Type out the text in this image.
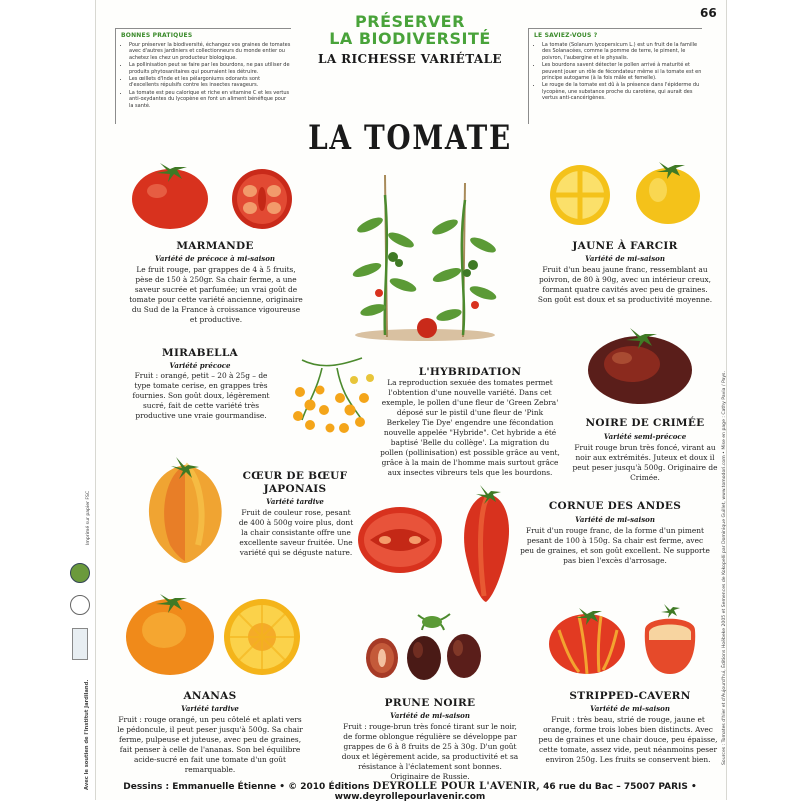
Avec le soutien de l'Institut Jardiland.
Imprimé sur papier FSC	Sources : Tomates d'hier et d'Aujourd'hui, Éditions Hoëbeke 2005 et Semences de Kokopelli par Dominique Guillet, www.tomodori.com • Mise en page : Cathy Pavia / Pays.
66
PRÉSERVER
LA BIODIVERSITÉ
LA RICHESSE VARIÉTALE
BONNES PRATIQUES
• Pour préserver la biodiversité, échangez vos graines de tomates avec d'autres jardiniers et collectionneurs du monde entier ou achetez les chez un producteur biologique.
• La pollinisation peut se faire par les bourdons, ne pas utiliser de produits phytosanitaires qui pourraient les détruire.
• Les œillets d'Inde et les pélargoniums odorants sont d'excellents répulsifs contre les insectes ravageurs.
• La tomate est peu calorique et riche en vitamine C et les vertus anti-oxydantes du lycopène en font un aliment bénéfique pour la santé.
LE SAVIEZ-VOUS ?
• La tomate (Solanum lycopersicum L.) est un fruit de la famille des Solanacées, comme la pomme de terre, le piment, le poivron, l'aubergine et le physalis.
• Les bourdons savent détecter le pollen arrivé à maturité et peuvent jouer un rôle de fécondateur même si la tomate est en principe autogame (à la fois mâle et femelle).
• Le rouge de la tomate est dû à la présence dans l'épiderme du lycopène, une substance proche du carotène, qui aurait des vertus anti-cancérigènes.
LA TOMATE
MARMANDE
Variété de précoce à mi-saison
Le fruit rouge, par grappes de 4 à 5 fruits, pèse de 150 à 250gr. Sa chair ferme, a une saveur sucrée et parfumée; un vrai goût de tomate pour cette variété ancienne, originaire du Sud de la France à croissance vigoureuse et productive.
JAUNE À FARCIR
Variété de mi-saison
Fruit d'un beau jaune franc, ressemblant au poivron, de 80 à 90g, avec un intérieur creux, formant quatre cavités avec peu de graines. Son goût est doux et sa productivité moyenne.
MIRABELLA
Variété précoce
Fruit : orangé, petit – 20 à 25g – de type tomate cerise, en grappes très fournies. Son goût doux, légèrement sucré, fait de cette variété très productive une vraie gourmandise.
L'HYBRIDATION
La reproduction sexuée des tomates permet l'obtention d'une nouvelle variété. Dans cet exemple, le pollen d'une fleur de 'Green Zebra' déposé sur le pistil d'une fleur de 'Pink Berkeley Tie Dye' engendre une fécondation nouvelle appelée "Hybride". Cet hybride a été baptisé 'Belle du collège'. La migration du pollen (pollinisation) est possible grâce au vent, grâce à la main de l'homme mais surtout grâce aux insectes vibreurs tels que les bourdons.
NOIRE DE CRIMÉE
Variété semi-précoce
Fruit rouge brun très foncé, virant au noir aux extrémités. Juteux et doux il peut peser jusqu'à 500g. Originaire de Crimée.
CŒUR DE BŒUF
JAPONAIS
Variété tardive
Fruit de couleur rose, pesant de 400 à 500g voire plus, dont la chair consistante offre une excellente saveur fruitée. Une variété qui se déguste nature.
CORNUE DES ANDES
Variété de mi-saison
Fruit d'un rouge franc, de la forme d'un piment pesant de 100 à 150g. Sa chair est ferme, avec peu de graines, et son goût excellent. Ne supporte pas bien l'excès d'arrosage.
ANANAS
Variété tardive
Fruit : rouge orangé, un peu côtelé et aplati vers le pédoncule, il peut peser jusqu'à 500g. Sa chair ferme, pulpeuse et juteuse, avec peu de graines, fait penser à celle de l'ananas. Son bel équilibre acide-sucré en fait une tomate d'un goût remarquable.
PRUNE NOIRE
Variété de mi-saison
Fruit : rouge-brun très foncé tirant sur le noir, de forme oblongue régulière se développe par grappes de 6 à 8 fruits de 25 à 30g. D'un goût doux et légèrement acide, sa productivité et sa résistance à l'éclatement sont bonnes. Originaire de Russie.
STRIPPED-CAVERN
Variété de mi-saison
Fruit : très beau, strié de rouge, jaune et orange, forme trois lobes bien distincts. Avec peu de graines et une chair douce, peu épaisse, cette tomate, assez vide, peut néanmoins peser environ 250g. Les fruits se conservent bien.
Dessins : Emmanuelle Étienne • © 2010 Éditions DEYROLLE POUR L'AVENIR, 46 rue du Bac – 75007 PARIS • www.deyrollepourlavenir.com
